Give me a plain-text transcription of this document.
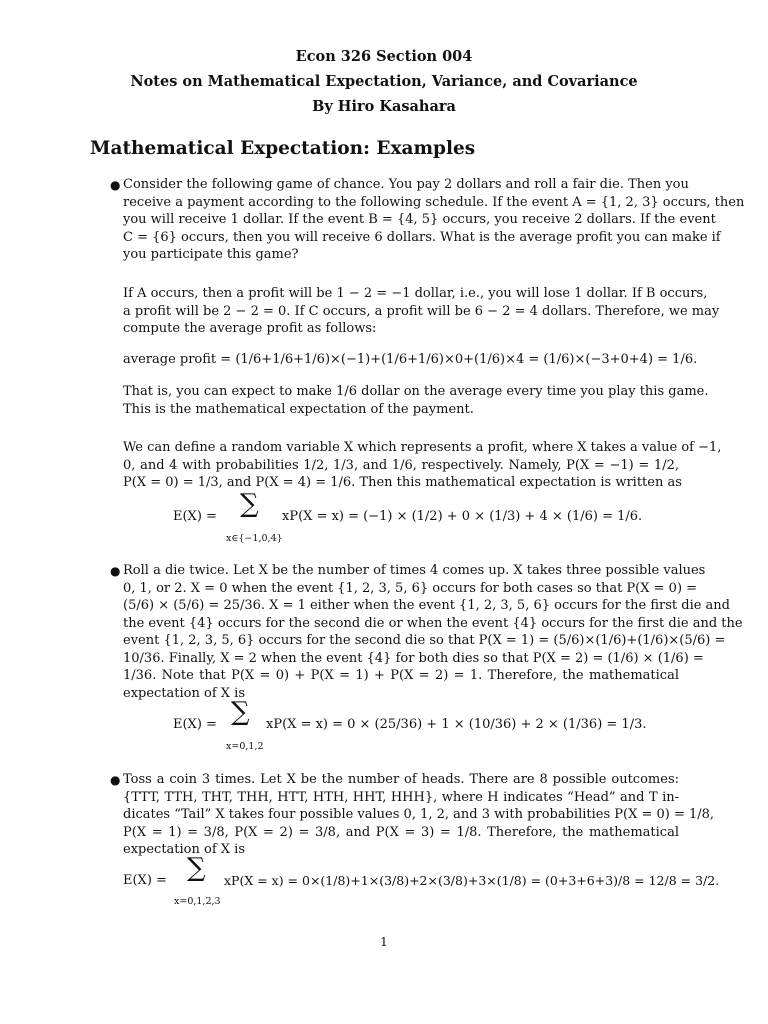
Econ 326 Section 004
Notes on Mathematical Expectation, Variance, and Covariance
By Hiro Kasahara
Mathematical Expectation: Examples
● Consider the following game of chance. You pay 2 dollars and roll a fair die. Then you
receive a payment according to the following schedule. If the event A = {1, 2, 3} occurs, then
you will receive 1 dollar. If the event B = {4, 5} occurs, you receive 2 dollars. If the event
C = {6} occurs, then you will receive 6 dollars. What is the average profit you can make if
you participate this game?
If A occurs, then a profit will be 1 − 2 = −1 dollar, i.e., you will lose 1 dollar. If B occurs,
a profit will be 2 − 2 = 0. If C occurs, a profit will be 6 − 2 = 4 dollars. Therefore, we may
compute the average profit as follows:
average profit = (1/6+1/6+1/6)×(−1)+(1/6+1/6)×0+(1/6)×4 = (1/6)×(−3+0+4) = 1/6.
That is, you can expect to make 1/6 dollar on the average every time you play this game.
This is the mathematical expectation of the payment.
We can define a random variable X which represents a profit, where X takes a value of −1,
0, and 4 with probabilities 1/2, 1/3, and 1/6, respectively. Namely, P(X = −1) = 1/2,
P(X = 0) = 1/3, and P(X = 4) = 1/6. Then this mathematical expectation is written as
E(X) = ∑
x∈{−1,0,4}
xP(X = x) = (−1) × (1/2) + 0 × (1/3) + 4 × (1/6) = 1/6.
● Roll a die twice. Let X be the number of times 4 comes up. X takes three possible values
0, 1, or 2. X = 0 when the event {1, 2, 3, 5, 6} occurs for both cases so that P(X = 0) =
(5/6) × (5/6) = 25/36. X = 1 either when the event {1, 2, 3, 5, 6} occurs for the first die and
the event {4} occurs for the second die or when the event {4} occurs for the first die and the
event {1, 2, 3, 5, 6} occurs for the second die so that P(X = 1) = (5/6)×(1/6)+(1/6)×(5/6) =
10/36. Finally, X = 2 when the event {4} for both dies so that P(X = 2) = (1/6) × (1/6) =
1/36. Note that P(X = 0) + P(X = 1) + P(X = 2) = 1. Therefore, the mathematical
expectation of X is
E(X) = ∑
x=0,1,2
xP(X = x) = 0 × (25/36) + 1 × (10/36) + 2 × (1/36) = 1/3.
● Toss a coin 3 times. Let X be the number of heads. There are 8 possible outcomes:
{TTT, TTH, THT, THH, HTT, HTH, HHT, HHH}, where H indicates “Head” and T in-
dicates “Tail” X takes four possible values 0, 1, 2, and 3 with probabilities P(X = 0) = 1/8,
P(X = 1) = 3/8, P(X = 2) = 3/8, and P(X = 3) = 1/8. Therefore, the mathematical
expectation of X is
E(X) = ∑
x=0,1,2,3
xP(X = x) = 0×(1/8)+1×(3/8)+2×(3/8)+3×(1/8) = (0+3+6+3)/8 = 12/8 = 3/2.
1
